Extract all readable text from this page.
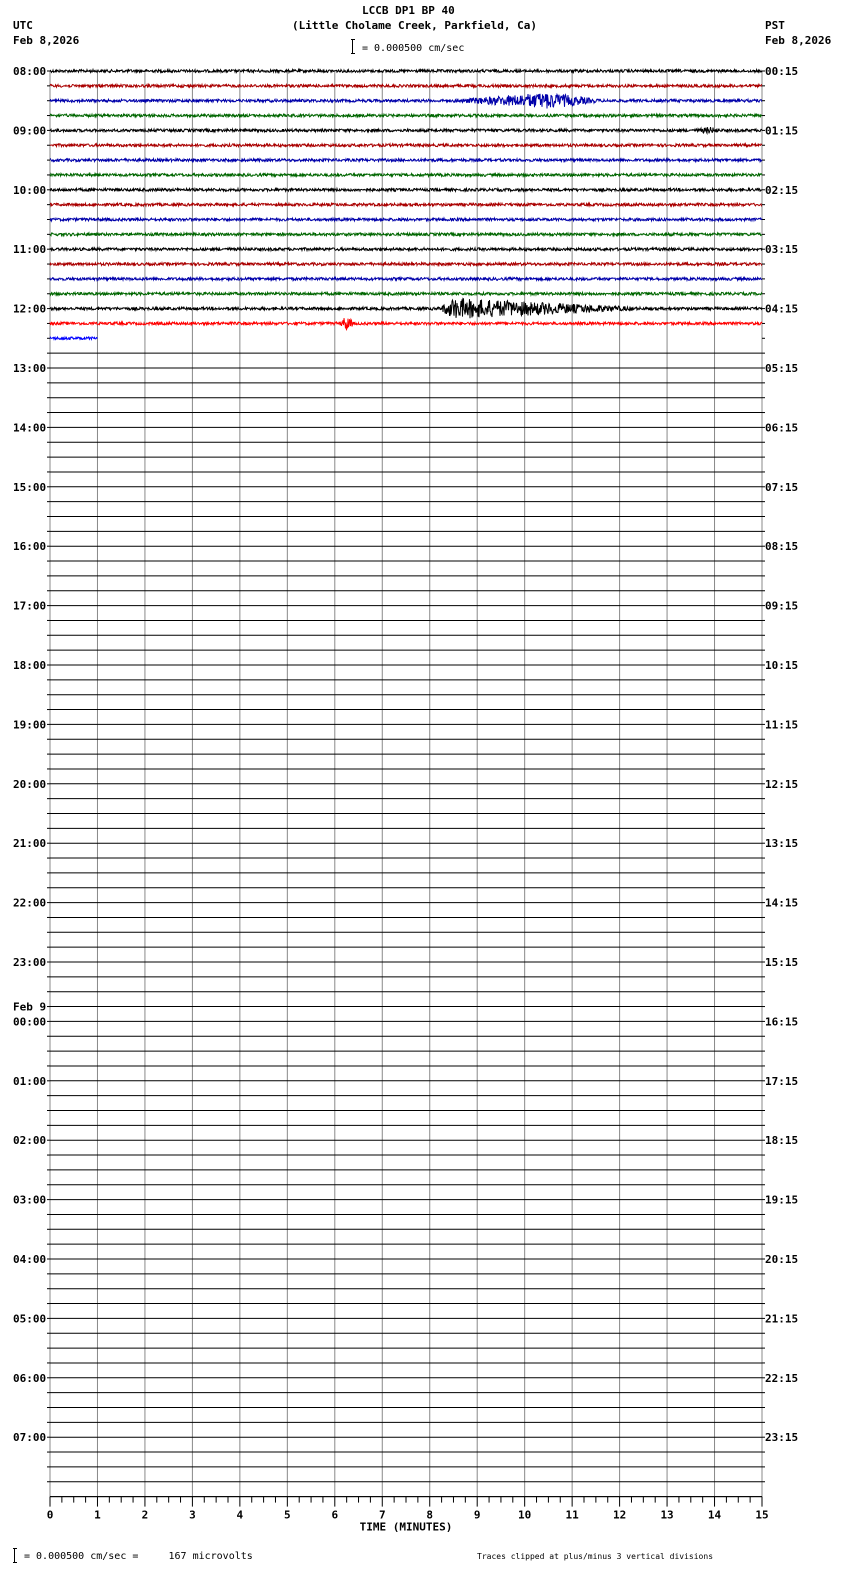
LCCB DP1 BP 40
(Little Cholame Creek, Parkfield, Ca)
= 0.000500 cm/sec
UTC
Feb 8,2026
PST
Feb 8,2026
0	1	2	3	4	5	6	7	8	9	10	11	12	13	14	15
TIME (MINUTES)
08:00
09:00
10:00
11:00
12:00
13:00
14:00
15:00
16:00
17:00
18:00
19:00
20:00
21:00
22:00
23:00
00:00
01:00
02:00
03:00
04:00
05:00
06:00
07:00
00:15
01:15
02:15
03:15
04:15
05:15
06:15
07:15
08:15
09:15
10:15
11:15
12:15
13:15
14:15
15:15
16:15
17:15
18:15
19:15
20:15
21:15
22:15
23:15
Feb 9
= 0.000500 cm/sec =     167 microvolts	Traces clipped at plus/minus 3 vertical divisions
